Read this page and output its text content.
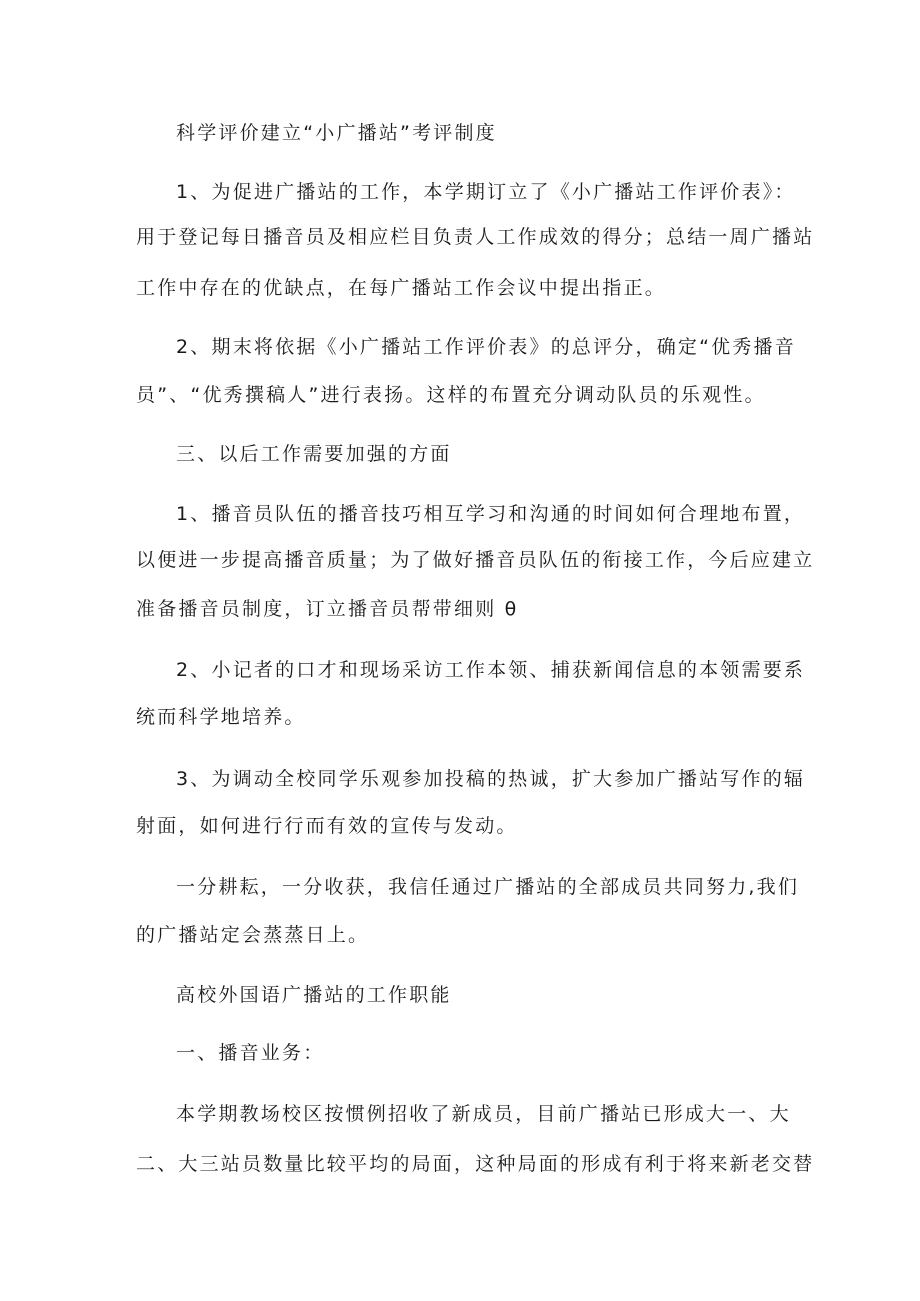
科学评价建立“小广播站”考评制度
1、为促进广播站的工作，本学期订立了《小广播站工作评价表》：
用于登记每日播音员及相应栏目负责人工作成效的得分；总结一周广播站
工作中存在的优缺点，在每广播站工作会议中提出指正。
2、期末将依据《小广播站工作评价表》的总评分，确定“优秀播音
员”、“优秀撰稿人”进行表扬。这样的布置充分调动队员的乐观性。
三、以后工作需要加强的方面
1、播音员队伍的播音技巧相互学习和沟通的时间如何合理地布置，
以便进一步提高播音质量；为了做好播音员队伍的衔接工作，今后应建立
准备播音员制度，订立播音员帮带细则 θ
2、小记者的口才和现场采访工作本领、捕获新闻信息的本领需要系
统而科学地培养。
3、为调动全校同学乐观参加投稿的热诚，扩大参加广播站写作的辐
射面，如何进行行而有效的宣传与发动。
一分耕耘，一分收获，我信任通过广播站的全部成员共同努力,我们
的广播站定会蒸蒸日上。
高校外国语广播站的工作职能
一、播音业务：
本学期教场校区按惯例招收了新成员，目前广播站已形成大一、大
二、大三站员数量比较平均的局面，这种局面的形成有利于将来新老交替
